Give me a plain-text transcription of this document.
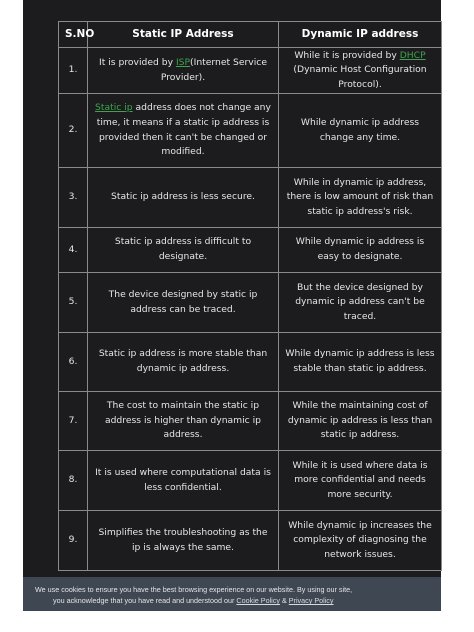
S.NO	Static IP Address	Dynamic IP address
1.	It is provided by ISP(Internet Service Provider).	While it is provided by DHCP (Dynamic Host Configuration Protocol).
2.	Static ip address does not change any time, it means if a static ip address is provided then it can't be changed or modified.	While dynamic ip address change any time.
3.	Static ip address is less secure.	While in dynamic ip address, there is low amount of risk than static ip address's risk.
4.	Static ip address is difficult to designate.	While dynamic ip address is easy to designate.
5.	The device designed by static ip address can be traced.	But the device designed by dynamic ip address can't be traced.
6.	Static ip address is more stable than dynamic ip address.	While dynamic ip address is less stable than static ip address.
7.	The cost to maintain the static ip address is higher than dynamic ip address.	While the maintaining cost of dynamic ip address is less than static ip address.
8.	It is used where computational data is less confidential.	While it is used where data is more confidential and needs more security.
9.	Simplifies the troubleshooting as the ip is always the same.	While dynamic ip increases the complexity of diagnosing the network issues.
We use cookies to ensure you have the best browsing experience on our website. By using our site,
you acknowledge that you have read and understood our Cookie Policy & Privacy Policy
